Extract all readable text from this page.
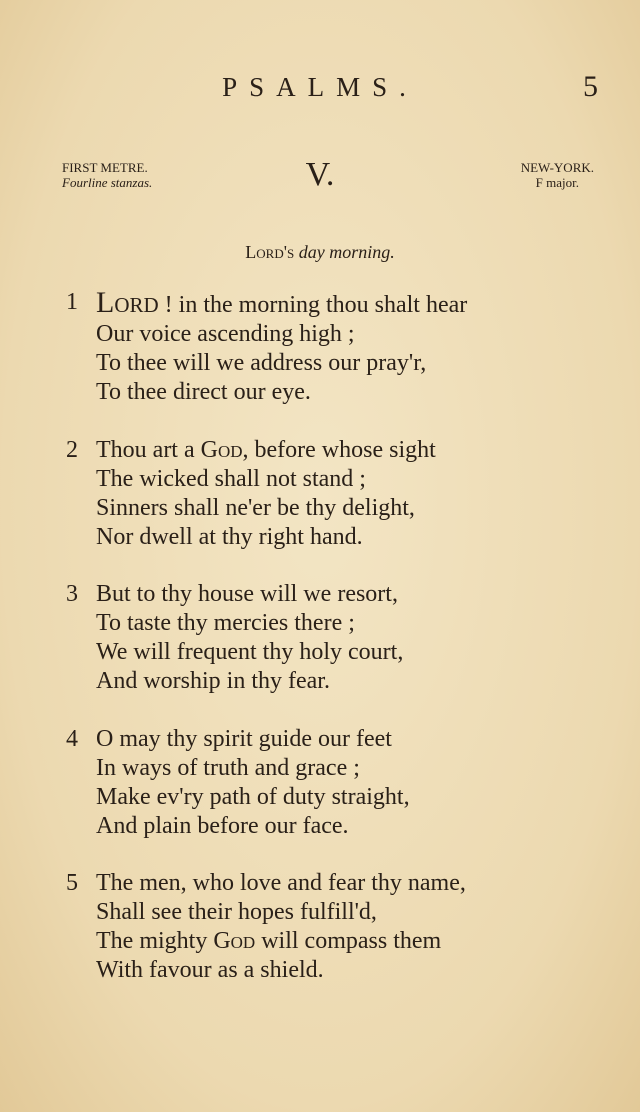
PSALMS.	5
FIRST METRE.
Fourline stanzas.	V.	NEW-YORK.
F major.
Lord's day morning.
1 Lord ! in the morning thou shalt hear
Our voice ascending high ;
To thee will we address our pray'r,
To thee direct our eye.
2 Thou art a God, before whose sight
The wicked shall not stand ;
Sinners shall ne'er be thy delight,
Nor dwell at thy right hand.
3 But to thy house will we resort,
To taste thy mercies there ;
We will frequent thy holy court,
And worship in thy fear.
4 O may thy spirit guide our feet
In ways of truth and grace ;
Make ev'ry path of duty straight,
And plain before our face.
5 The men, who love and fear thy name,
Shall see their hopes fulfill'd,
The mighty God will compass them
With favour as a shield.
